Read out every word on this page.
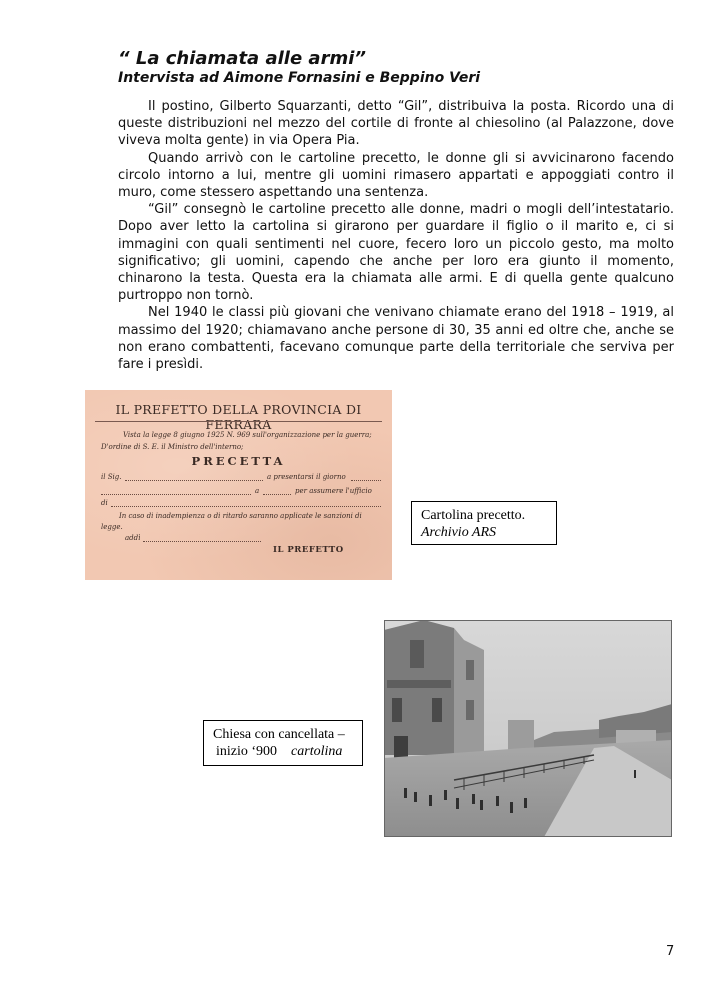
“ La chiamata alle armi”
Intervista ad Aimone Fornasini e Beppino Veri

Il postino, Gilberto Squarzanti, detto “Gil”, distribuiva la posta. Ricordo una di queste distribuzioni nel mezzo del cortile di fronte al chiesolino (al Palazzone, dove viveva molta gente) in via Opera Pia.

Quando arrivò con le cartoline precetto, le donne gli si avvicinarono facendo circolo intorno a lui, mentre gli uomini rimasero appartati e appoggiati contro il muro, come stessero aspettando una sentenza.

“Gil” consegnò le cartoline precetto alle donne, madri o mogli dell’intestatario. Dopo aver letto la cartolina si girarono per guardare il figlio o il marito e, ci si immagini con quali sentimenti nel cuore, fecero loro un piccolo gesto, ma molto significativo; gli uomini, capendo che anche per loro era giunto il momento, chinarono la testa. Questa era la chiamata alle armi. E di quella gente qualcuno purtroppo non tornò.

Nel 1940 le classi più giovani che venivano chiamate erano del 1918 – 1919, al massimo del 1920; chiamavano anche persone di 30, 35 anni ed oltre che, anche se non erano combattenti, facevano comunque parte della territoriale che serviva per fare i presìdi.

IL PREFETTO DELLA PROVINCIA DI FERRARA
Vista la legge 8 giugno 1925 N. 969 sull'organizzazione per la guerra;
D'ordine di S. E. il Ministro dell'interno;
PRECETTA
il Sig.	a presentarsi il giorno
a	per assumere l'ufficio
di
In caso di inadempienza o di ritardo saranno applicate le sanzioni di
legge.
addì
IL PREFETTO
Cartolina precetto.
Archivio ARS
Chiesa con cancellata –
inizio ‘900 cartolina
7
